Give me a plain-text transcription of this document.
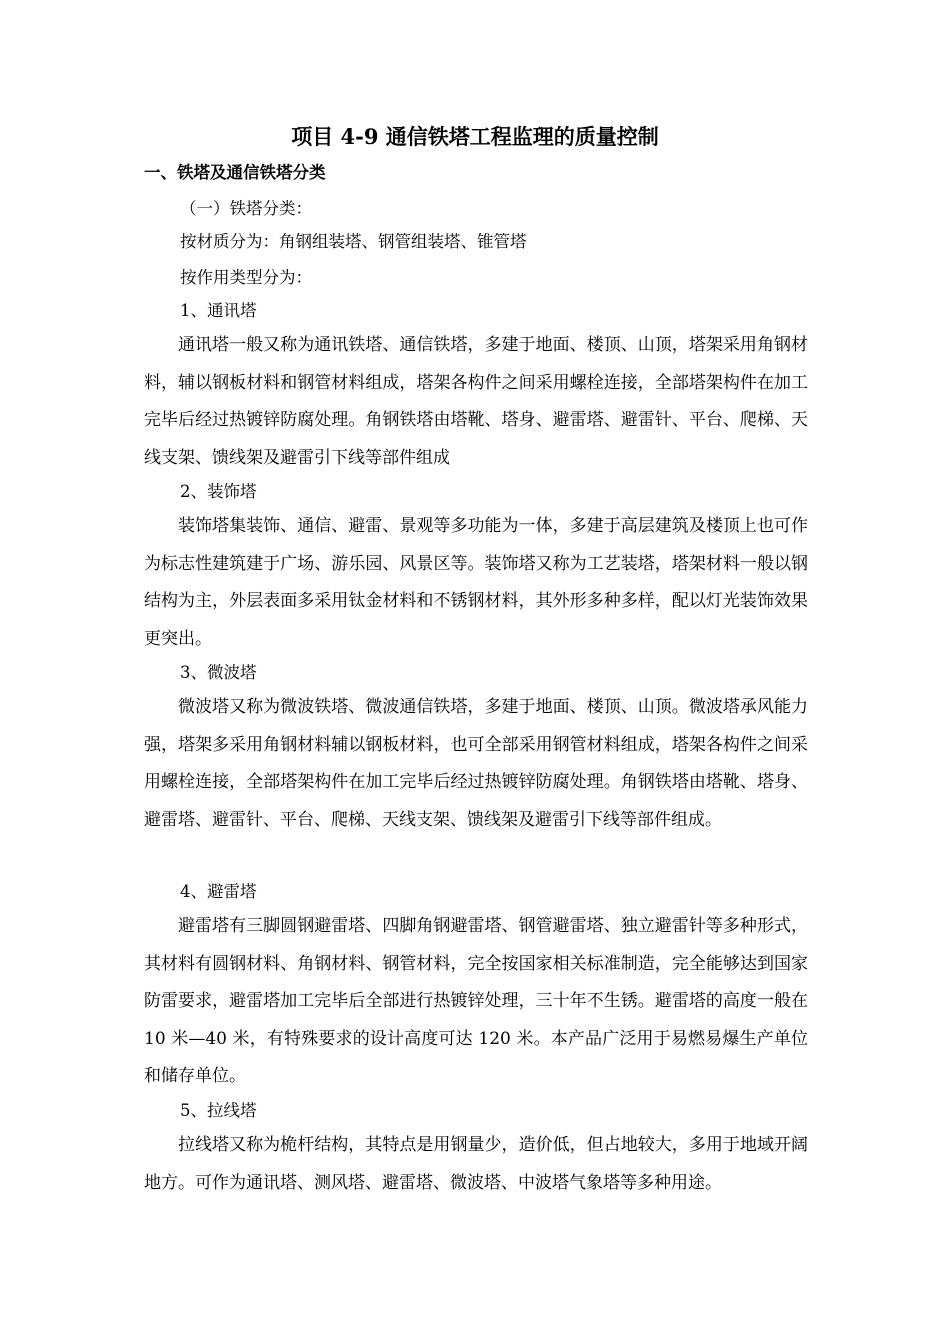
项目 4-9 通信铁塔工程监理的质量控制
一、铁塔及通信铁塔分类
（一）铁塔分类：
按材质分为：角钢组装塔、钢管组装塔、锥管塔
按作用类型分为：
1、通讯塔

通讯塔一般又称为通讯铁塔、通信铁塔，多建于地面、楼顶、山顶，塔架采用角钢材料，辅以钢板材料和钢管材料组成，塔架各构件之间采用螺栓连接，全部塔架构件在加工完毕后经过热镀锌防腐处理。角钢铁塔由塔靴、塔身、避雷塔、避雷针、平台、爬梯、天线支架、馈线架及避雷引下线等部件组成

2、装饰塔

装饰塔集装饰、通信、避雷、景观等多功能为一体，多建于高层建筑及楼顶上也可作为标志性建筑建于广场、游乐园、风景区等。装饰塔又称为工艺装塔，塔架材料一般以钢结构为主，外层表面多采用钛金材料和不锈钢材料，其外形多种多样，配以灯光装饰效果更突出。

3、微波塔

微波塔又称为微波铁塔、微波通信铁塔，多建于地面、楼顶、山顶。微波塔承风能力强，塔架多采用角钢材料辅以钢板材料，也可全部采用钢管材料组成，塔架各构件之间采用螺栓连接，全部塔架构件在加工完毕后经过热镀锌防腐处理。角钢铁塔由塔靴、塔身、避雷塔、避雷针、平台、爬梯、天线支架、馈线架及避雷引下线等部件组成。

4、避雷塔

避雷塔有三脚圆钢避雷塔、四脚角钢避雷塔、钢管避雷塔、独立避雷针等多种形式，其材料有圆钢材料、角钢材料、钢管材料，完全按国家相关标准制造，完全能够达到国家防雷要求，避雷塔加工完毕后全部进行热镀锌处理，三十年不生锈。避雷塔的高度一般在 10 米—40 米，有特殊要求的设计高度可达 120 米。本产品广泛用于易燃易爆生产单位和储存单位。

5、拉线塔

拉线塔又称为桅杆结构，其特点是用钢量少，造价低，但占地较大，多用于地域开阔地方。可作为通讯塔、测风塔、避雷塔、微波塔、中波塔气象塔等多种用途。
